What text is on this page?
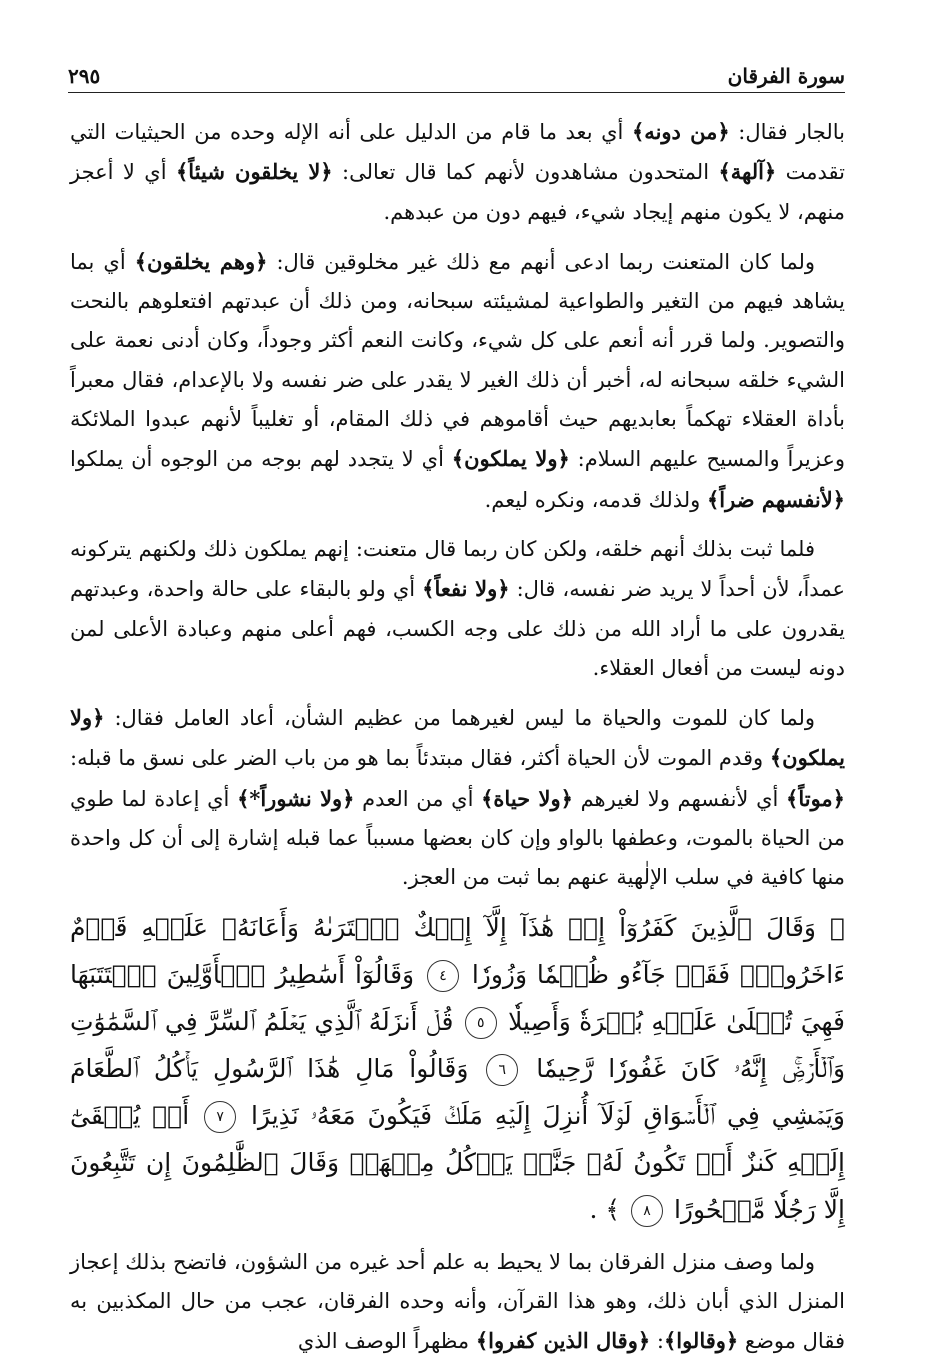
سورة الفرقان
٢٩٥

بالجار فقال: ﴿من دونه﴾ أي بعد ما قام من الدليل على أنه الإله وحده من الحيثيات التي تقدمت ﴿آلهة﴾ المتحدون مشاهدون لأنهم كما قال تعالى: ﴿لا يخلقون شيئاً﴾ أي لا أعجز منهم، لا يكون منهم إيجاد شيء، فيهم دون من عبدهم.

ولما كان المتعنت ربما ادعى أنهم مع ذلك غير مخلوقين قال: ﴿وهم يخلقون﴾ أي بما يشاهد فيهم من التغير والطواعية لمشيئته سبحانه، ومن ذلك أن عبدتهم افتعلوهم بالنحت والتصوير. ولما قرر أنه أنعم على كل شيء، وكانت النعم أكثر وجوداً، وكان أدنى نعمة على الشيء خلقه سبحانه له، أخبر أن ذلك الغير لا يقدر على ضر نفسه ولا بالإعدام، فقال معبراً بأداة العقلاء تهكماً بعابديهم حيث أقاموهم في ذلك المقام، أو تغليباً لأنهم عبدوا الملائكة وعزيراً والمسيح عليهم السلام: ﴿ولا يملكون﴾ أي لا يتجدد لهم بوجه من الوجوه أن يملكوا ﴿لأنفسهم ضراً﴾ ولذلك قدمه، ونكره ليعم.

فلما ثبت بذلك أنهم خلقه، ولكن كان ربما قال متعنت: إنهم يملكون ذلك ولكنهم يتركونه عمداً، لأن أحداً لا يريد ضر نفسه، قال: ﴿ولا نفعاً﴾ أي ولو بالبقاء على حالة واحدة، وعبدتهم يقدرون على ما أراد الله من ذلك على وجه الكسب، فهم أعلى منهم وعبادة الأعلى لمن دونه ليست من أفعال العقلاء.

ولما كان للموت والحياة ما ليس لغيرهما من عظيم الشأن، أعاد العامل فقال: ﴿ولا يملكون﴾ وقدم الموت لأن الحياة أكثر، فقال مبتدئاً بما هو من باب الضر على نسق ما قبله: ﴿موتاً﴾ أي لأنفسهم ولا لغيرهم ﴿ولا حياة﴾ أي من العدم ﴿ولا نشوراً*﴾ أي إعادة لما طوي من الحياة بالموت، وعطفها بالواو وإن كان بعضها مسبباً عما قبله إشارة إلى أن كل واحدة منها كافية في سلب الإلٰهية عنهم بما ثبت من العجز.

﴿ وَقَالَ ٱلَّذِينَ كَفَرُوٓاْ إِنۡ هَٰذَآ إِلَّآ إِفۡكٌ ٱفۡتَرَىٰهُ وَأَعَانَهُۥ عَلَيۡهِ قَوۡمٌ ءَاخَرُونَۖ فَقَدۡ جَآءُو ظُلۡمٗا وَزُورٗا ٤ وَقَالُوٓاْ أَسَٰطِيرُ ٱلۡأَوَّلِينَ ٱكۡتَتَبَهَا فَهِيَ تُمۡلَىٰ عَلَيۡهِ بُكۡرَةٗ وَأَصِيلٗا ٥ قُلۡ أَنزَلَهُ ٱلَّذِي يَعۡلَمُ ٱلسِّرَّ فِي ٱلسَّمَٰوَٰتِ وَٱلۡأَرۡضِۚ إِنَّهُۥ كَانَ غَفُورٗا رَّحِيمٗا ٦ وَقَالُواْ مَالِ هَٰذَا ٱلرَّسُولِ يَأۡكُلُ ٱلطَّعَامَ وَيَمۡشِي فِي ٱلۡأَسۡوَاقِ لَوۡلَآ أُنزِلَ إِلَيۡهِ مَلَكٞ فَيَكُونَ مَعَهُۥ نَذِيرًا ٧ أَوۡ يُلۡقَىٰٓ إِلَيۡهِ كَنزٌ أَوۡ تَكُونُ لَهُۥ جَنَّةٞ يَأۡكُلُ مِنۡهَاۚ وَقَالَ ٱلظَّٰلِمُونَ إِن تَتَّبِعُونَ إِلَّا رَجُلٗا مَّسۡحُورًا ٨ ﴾ .

ولما وصف منزل الفرقان بما لا يحيط به علم أحد غيره من الشؤون، فاتضح بذلك إعجاز المنزل الذي أبان ذلك، وهو هذا القرآن، وأنه وحده الفرقان، عجب من حال المكذبين به فقال موضع ﴿وقالوا﴾: ﴿وقال الذين كفروا﴾ مظهراً الوصف الذي
